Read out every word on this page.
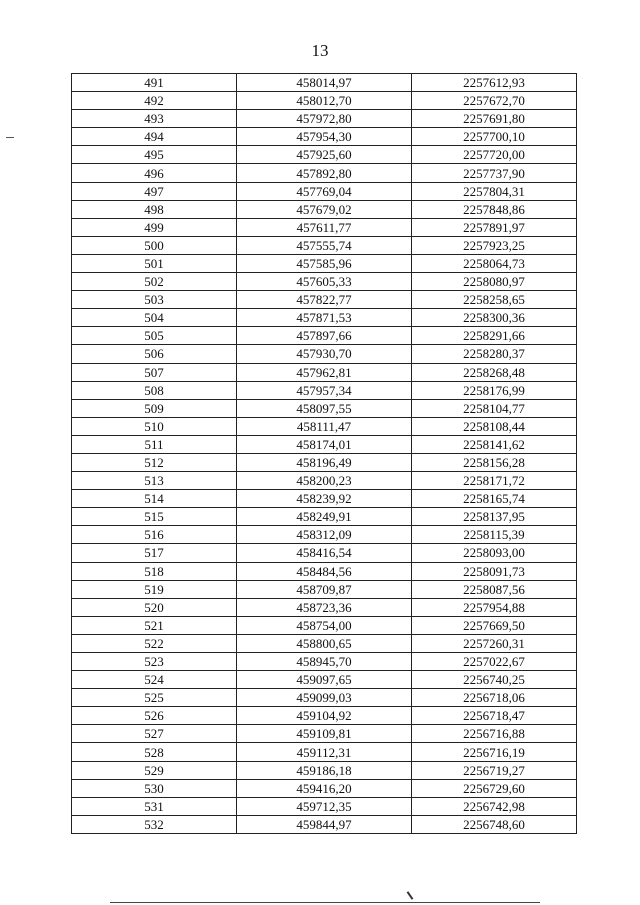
13
491	458014,97	2257612,93
492	458012,70	2257672,70
493	457972,80	2257691,80
494	457954,30	2257700,10
495	457925,60	2257720,00
496	457892,80	2257737,90
497	457769,04	2257804,31
498	457679,02	2257848,86
499	457611,77	2257891,97
500	457555,74	2257923,25
501	457585,96	2258064,73
502	457605,33	2258080,97
503	457822,77	2258258,65
504	457871,53	2258300,36
505	457897,66	2258291,66
506	457930,70	2258280,37
507	457962,81	2258268,48
508	457957,34	2258176,99
509	458097,55	2258104,77
510	458111,47	2258108,44
511	458174,01	2258141,62
512	458196,49	2258156,28
513	458200,23	2258171,72
514	458239,92	2258165,74
515	458249,91	2258137,95
516	458312,09	2258115,39
517	458416,54	2258093,00
518	458484,56	2258091,73
519	458709,87	2258087,56
520	458723,36	2257954,88
521	458754,00	2257669,50
522	458800,65	2257260,31
523	458945,70	2257022,67
524	459097,65	2256740,25
525	459099,03	2256718,06
526	459104,92	2256718,47
527	459109,81	2256716,88
528	459112,31	2256716,19
529	459186,18	2256719,27
530	459416,20	2256729,60
531	459712,35	2256742,98
532	459844,97	2256748,60
